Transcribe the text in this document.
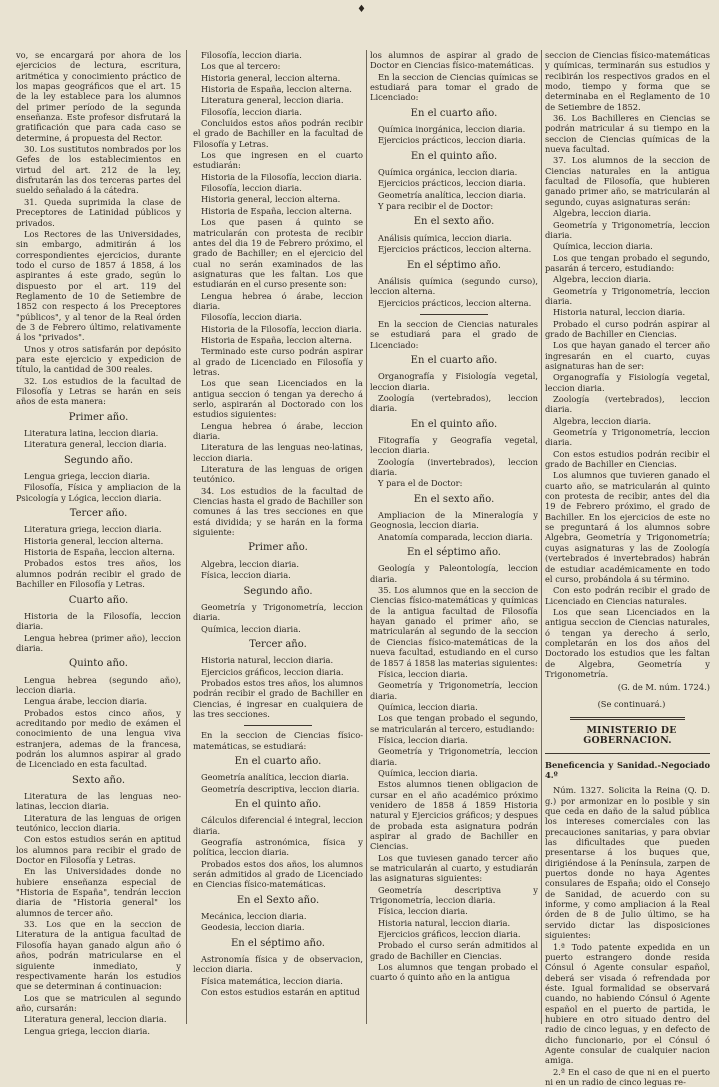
♦

vo, se encargará por ahora de los ejercicios de lectura, escritura, aritmética y conocimiento práctico de los mapas geográficos que el art. 15 de la ley establece para los alumnos del primer período de la segunda enseñanza. Este profesor disfrutará la gratificación que para cada caso se determine, á propuesta del Rector.

30. Los sustitutos nombrados por los Gefes de los establecimientos en virtud del art. 212 de la ley, disfrutarán las dos terceras partes del sueldo señalado á la cátedra.

31. Queda suprimida la clase de Preceptores de Latinidad públicos y privados.

Los Rectores de las Universidades, sin embargo, admitirán á los correspondientes ejercicios, durante todo el curso de 1857 á 1858, á los aspirantes á este grado, según lo dispuesto por el art. 119 del Reglamento de 10 de Setiembre de 1852 con respecto á los Preceptores "públicos", y al tenor de la Real órden de 3 de Febrero último, relativamente á los "privados".

Unos y otros satisfarán por depósito para este ejercicio y expedicion de título, la cantidad de 300 reales.

32. Los estudios de la facultad de Filosofía y Letras se harán en seis años de esta manera:

Primer año.

Literatura latina, leccion diaria.

Literatura general, leccion diaria.

Segundo año.

Lengua griega, leccion diaria.

Filosofía, Física y ampliacion de la Psicología y Lógica, leccion diaria.

Tercer año.

Literatura griega, leccion diaria.

Historia general, leccion alterna.

Historia de España, leccion alterna.

Probados estos tres años, los alumnos podrán recibir el grado de Bachiller en Filosofía y Letras.

Cuarto año.

Historia de la Filosofía, leccion diaria.

Lengua hebrea (primer año), leccion diaria.

Quinto año.

Lengua hebrea (segundo año), leccion diaria.

Lengua árabe, leccion diaria.

Probados estos cinco años, y acreditando por medio de exámen el conocimiento de una lengua viva estranjera, ademas de la francesa, podrán los alumnos aspirar al grado de Licenciado en esta facultad.

Sexto año.

Literatura de las lenguas neo-latinas, leccion diaria.

Literatura de las lenguas de origen teutónico, leccion diaria.

Con estos estudios serán en aptitud los alumnos para recibir el grado de Doctor en Filosofía y Letras.

En las Universidades donde no hubiere enseñanza especial de "Historia de España", tendrán leccion diaria de "Historia general" los alumnos de tercer año.

33. Los que en la seccion de Literatura de la antigua facultad de Filosofía hayan ganado algun año ó años, podrán matricularse en el siguiente inmediato, y respectivamente harán los estudios que se determinan á continuacion:

Los que se matriculen al segundo año, cursarán:

Literatura general, leccion diaria.

Lengua griega, leccion diaria.

Filosofía, leccion diaria.

Los que al tercero:

Historia general, leccion alterna.

Historia de España, leccion alterna.

Literatura general, leccion diaria.

Filosofía, leccion diaria.

Concluidos estos años podrán recibir el grado de Bachiller en la facultad de Filosofía y Letras.

Los que ingresen en el cuarto estudiarán:

Historia de la Filosofía, leccion diaria.

Filosofía, leccion diaria.

Historia general, leccion alterna.

Historia de España, leccion alterna.

Los que pasen á quinto se matricularán con protesta de recibir antes del dia 19 de Febrero próximo, el grado de Bachiller; en el ejercicio del cual no serán examinados de las asignaturas que les faltan. Los que estudiarán en el curso presente son:

Lengua hebrea ó árabe, leccion diaria.

Filosofía, leccion diaria.

Historia de la Filosofía, leccion diaria.

Historia de España, leccion alterna.

Terminado este curso podrán aspirar al grado de Licenciado en Filosofía y letras.

Los que sean Licenciados en la antigua seccion ó tengan ya derecho á serlo, aspirarán al Doctorado con los estudios siguientes:

Lengua hebrea ó árabe, leccion diaria.

Literatura de las lenguas neo-latinas, leccion diaria.

Literatura de las lenguas de origen teutónico.

34. Los estudios de la facultad de Ciencias hasta el grado de Bachiller son comunes á las tres secciones en que está dividida; y se harán en la forma siguiente:

Primer año.

Algebra, leccion diaria.

Física, leccion diaria.

Segundo año.

Geometría y Trigonometría, leccion diaria.

Química, leccion diaria.

Tercer año.

Historia natural, leccion diaria.

Ejercicios gráficos, leccion diaria.

Probados estos tres años, los alumnos podrán recibir el grado de Bachiller en Ciencias, é ingresar en cualquiera de las tres secciones.

En la seccion de Ciencias físico-matemáticas, se estudiará:

En el cuarto año.

Geometría analítica, leccion diaria.

Geometría descriptiva, leccion diaria.

En el quinto año.

Cálculos diferencial é integral, leccion diaria.

Geografía astronómica, física y política, leccion diaria.

Probados estos dos años, los alumnos serán admitidos al grado de Licenciado en Ciencias físico-matemáticas.

En el Sexto año.

Mecánica, leccion diaria.

Geodesia, leccion diaria.

En el séptimo año.

Astronomía física y de observacion, leccion diaria.

Física matemática, leccion diaria.

Con estos estudios estarán en aptitud

los alumnos de aspirar al grado de Doctor en Ciencias físico-matemáticas.

En la seccion de Ciencias químicas se estudiará para tomar el grado de Licenciado:

En el cuarto año.

Química inorgánica, leccion diaria.

Ejercicios prácticos, leccion diaria.

En el quinto año.

Química orgánica, leccion diaria.

Ejercicios prácticos, leccion diaria.

Geometría analítica, leccion diaria.

Y para recibir el de Doctor:

En el sexto año.

Análisis química, leccion diaria.

Ejercicios prácticos, leccion alterna.

En el séptimo año.

Análisis química (segundo curso), leccion alterna.

Ejercicios prácticos, leccion alterna.

En la seccion de Ciencias naturales se estudiará para el grado de Licenciado:

En el cuarto año.

Organografía y Fisiología vegetal, leccion diaria.

Zoología (vertebrados), leccion diaria.

En el quinto año.

Fitografía y Geografía vegetal, leccion diaria.

Zoología (invertebrados), leccion diaria.

Y para el de Doctor:

En el sexto año.

Ampliacion de la Mineralogía y Geognosia, leccion diaria.

Anatomía comparada, leccion diaria.

En el séptimo año.

Geología y Paleontología, leccion diaria.

35. Los alumnos que en la seccion de Ciencias físico-matemáticas y químicas de la antigua facultad de Filosofía hayan ganado el primer año, se matricularán al segundo de la seccion de Ciencias físico-matemáticas de la nueva facultad, estudiando en el curso de 1857 á 1858 las materias siguientes:

Física, leccion diaria.

Geometría y Trigonometría, leccion diaria.

Química, leccion diaria.

Los que tengan probado el segundo, se matricularán al tercero, estudiando:

Física, leccion diaria.

Geometría y Trigonometría, leccion diaria.

Química, leccion diaria.

Estos alumnos tienen obligacion de cursar en el año académico próximo venidero de 1858 á 1859 Historia natural y Ejercicios gráficos; y despues de probada esta asignatura podrán aspirar al grado de Bachiller en Ciencias.

Los que tuviesen ganado tercer año se matricularán al cuarto, y estudiarán las asignaturas siguientes:

Geometría descriptiva y Trigonometría, leccion diaria.

Física, leccion diaria.

Historia natural, leccion diaria.

Ejercicios gráficos, leccion diaria.

Probado el curso serán admitidos al grado de Bachiller en Ciencias.

Los alumnos que tengan probado el cuarto ó quinto año en la antigua

seccion de Ciencias físico-matemáticas y químicas, terminarán sus estudios y recibirán los respectivos grados en el modo, tiempo y forma que se determinaba en el Reglamento de 10 de Setiembre de 1852.

36. Los Bachilleres en Ciencias se podrán matricular á su tiempo en la seccion de Ciencias químicas de la nueva facultad.

37. Los alumnos de la seccion de Ciencias naturales en la antigua facultad de Filosofía, que hubieren ganado primer año, se matricularán al segundo, cuyas asignaturas serán:

Algebra, leccion diaria.

Geometría y Trigonometría, leccion diaria.

Química, leccion diaria.

Los que tengan probado el segundo, pasarán á tercero, estudiando:

Algebra, leccion diaria.

Geometría y Trigonometría, leccion diaria.

Historia natural, leccion diaria.

Probado el curso podrán aspirar al grado de Bachiller en Ciencias.

Los que hayan ganado el tercer año ingresarán en el cuarto, cuyas asignaturas han de ser:

Organografía y Fisiología vegetal, leccion diaria.

Zoología (vertebrados), leccion diaria.

Algebra, leccion diaria.

Geometría y Trigonometría, leccion diaria.

Con estos estudios podrán recibir el grado de Bachiller en Ciencias.

Los alumnos que tuvieren ganado el cuarto año, se matricularán al quinto con protesta de recibir, antes del dia 19 de Febrero próximo, el grado de Bachiller. En los ejercicios de este no se preguntará á los alumnos sobre Algebra, Geometría y Trigonometría; cuyas asignaturas y las de Zoología (vertebrados é invertebrados) habrán de estudiar académicamente en todo el curso, probándola á su término.

Con esto podrán recibir el grado de Licenciado en Ciencias naturales.

Los que sean Licenciados en la antigua seccion de Ciencias naturales, ó tengan ya derecho á serlo, completarán en los dos años del Doctorado los estudios que les faltan de Algebra, Geometría y Trigonometría.

(G. de M. núm. 1724.)

(Se continuará.)

MINISTERIO DE GOBERNACION.

Beneficencia y Sanidad.-Negociado 4.º

Núm. 1327. Solicita la Reina (Q. D. g.) por armonizar en lo posible y sin que ceda en daño de la salud pública los intereses comerciales con las precauciones sanitarias, y para obviar las dificultades que pueden presentarse á los buques que, dirigiéndose á la Península, zarpen de puertos donde no haya Agentes consulares de España; oido el Consejo de Sanidad, de acuerdo con su informe, y como ampliacion á la Real órden de 8 de Julio último, se ha servido dictar las disposiciones siguientes:

1.ª Todo patente expedida en un puerto estrangero donde resida Cónsul ó Agente consular español, deberá ser visada ó refrendada por éste. Igual formalidad se observará cuando, no habiendo Cónsul ó Agente español en el puerto de partida, le hubiere en otro situado dentro del radio de cinco leguas, y en defecto de dicho funcionario, por el Cónsul ó Agente consular de cualquier nacion amiga.

2.ª En el caso de que ni en el puerto ni en un radio de cinco leguas re-
